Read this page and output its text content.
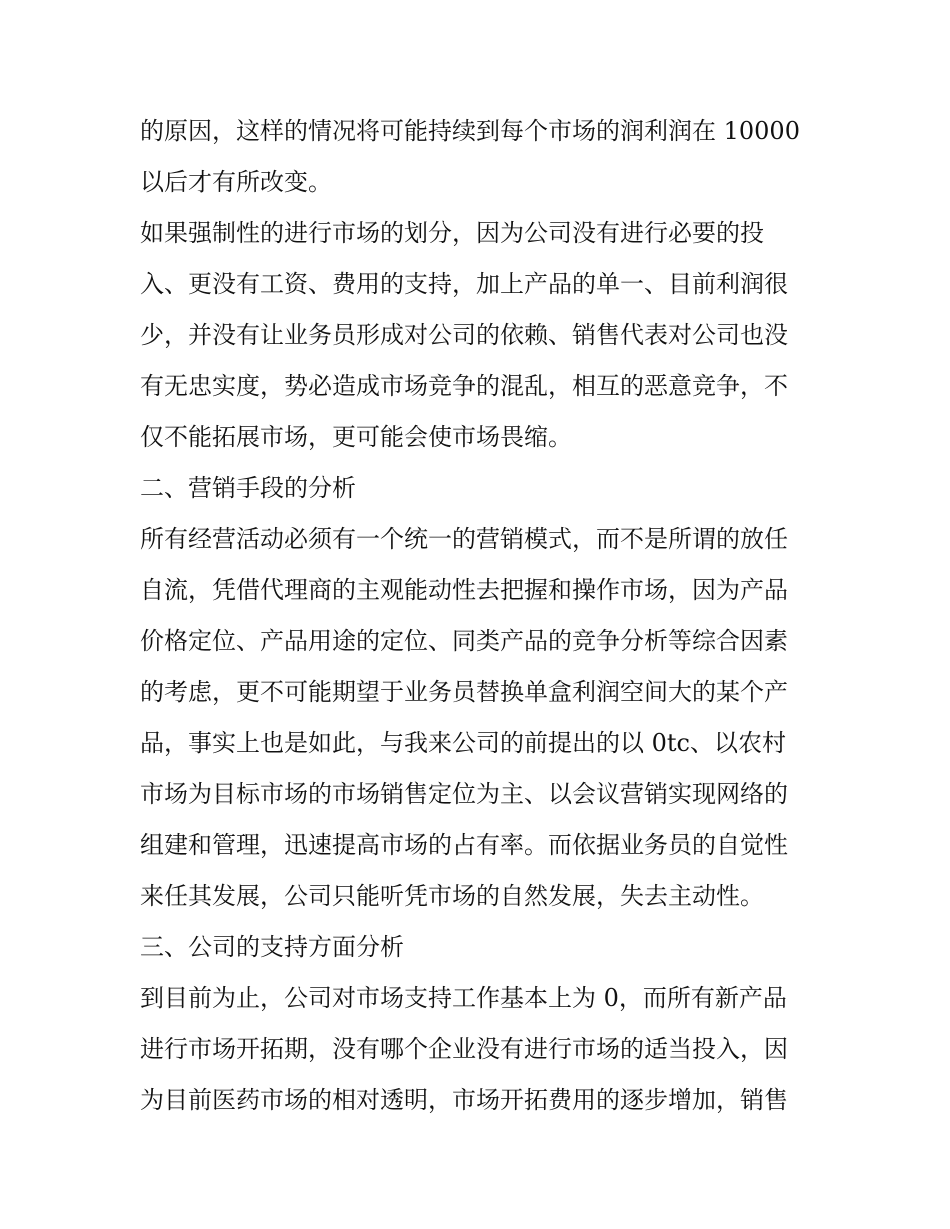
的原因，这样的情况将可能持续到每个市场的润利润在 10000
以后才有所改变。
如果强制性的进行市场的划分，因为公司没有进行必要的投
入、更没有工资、费用的支持，加上产品的单一、目前利润很
少，并没有让业务员形成对公司的依赖、销售代表对公司也没
有无忠实度，势必造成市场竞争的混乱，相互的恶意竞争，不
仅不能拓展市场，更可能会使市场畏缩。
二、营销手段的分析
所有经营活动必须有一个统一的营销模式，而不是所谓的放任
自流，凭借代理商的主观能动性去把握和操作市场，因为产品
价格定位、产品用途的定位、同类产品的竞争分析等综合因素
的考虑，更不可能期望于业务员替换单盒利润空间大的某个产
品，事实上也是如此，与我来公司的前提出的以 0tc、以农村
市场为目标市场的市场销售定位为主、以会议营销实现网络的
组建和管理，迅速提高市场的占有率。而依据业务员的自觉性
来任其发展，公司只能听凭市场的自然发展，失去主动性。
三、公司的支持方面分析
到目前为止，公司对市场支持工作基本上为 0，而所有新产品
进行市场开拓期，没有哪个企业没有进行市场的适当投入，因
为目前医药市场的相对透明，市场开拓费用的逐步增加，销售
